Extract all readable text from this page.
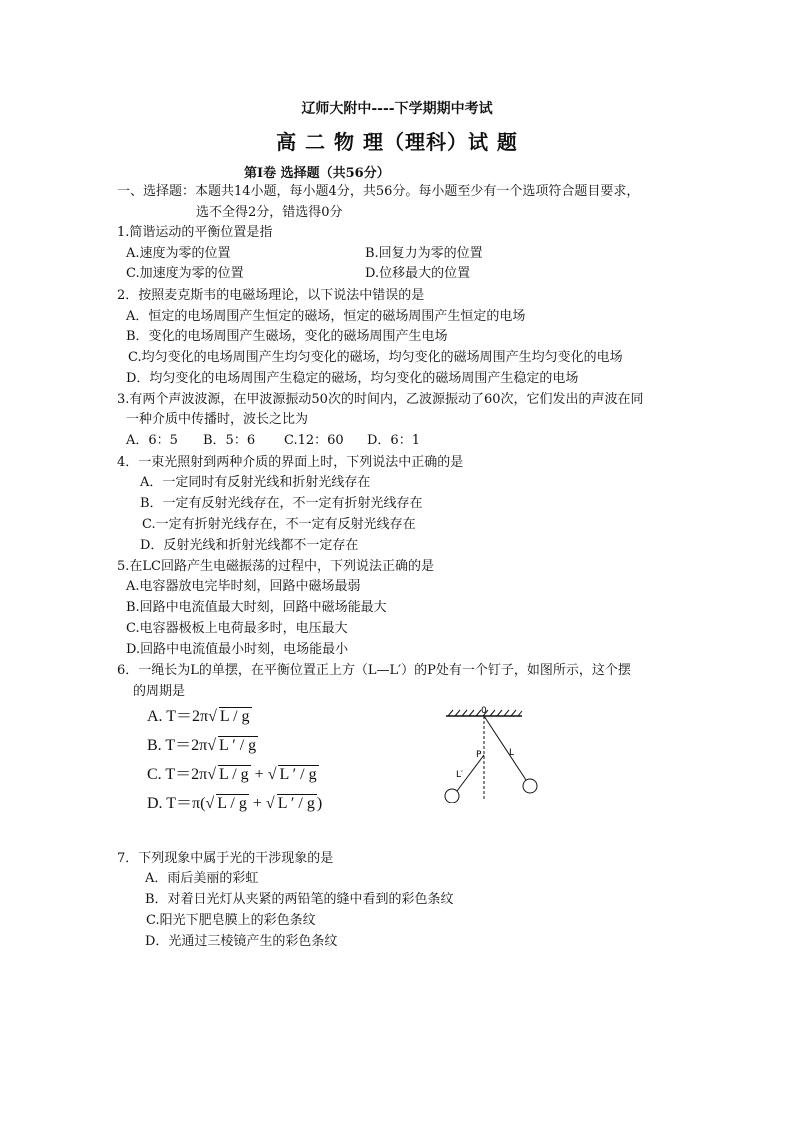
辽师大附中----下学期期中考试
高 二 物 理（理科）试 题
第Ⅰ卷 选择题（共56分）
一、选择题：本题共14小题，每小题4分，共56分。每小题至少有一个选项符合题目要求，
选不全得2分，错选得0分
1.简谐运动的平衡位置是指
A.速度为零的位置	B.回复力为零的位置
C.加速度为零的位置	D.位移最大的位置
2．按照麦克斯韦的电磁场理论，以下说法中错误的是
A．恒定的电场周围产生恒定的磁场，恒定的磁场周围产生恒定的电场
B．变化的电场周围产生磁场，变化的磁场周围产生电场
C.均匀变化的电场周围产生均匀变化的磁场，均匀变化的磁场周围产生均匀变化的电场
D．均匀变化的电场周围产生稳定的磁场，均匀变化的磁场周围产生稳定的电场
3.有两个声波波源，在甲波源振动50次的时间内，乙波源振动了60次，它们发出的声波在同
一种介质中传播时，波长之比为
A．6：5 B．5：6 C.12：60 D．6：1
4．一束光照射到两种介质的界面上时，下列说法中正确的是
A．一定同时有反射光线和折射光线存在
B．一定有反射光线存在，不一定有折射光线存在
C.一定有折射光线存在，不一定有反射光线存在
D．反射光线和折射光线都不一定存在
5.在LC回路产生电磁振荡的过程中，下列说法正确的是
A.电容器放电完毕时刻，回路中磁场最弱
B.回路中电流值最大时刻，回路中磁场能最大
C.电容器极板上电荷最多时，电压最大
D.回路中电流值最小时刻，电场能最小
6．一绳长为L的单摆，在平衡位置正上方（L—L′）的P处有一个钉子，如图所示，这个摆
的周期是
A. T＝2π√ L / g
B. T＝2π√ L ′ / g
C. T＝2π√ L / g + √ L ′ / g
D. T＝π(√ L / g + √ L ′ / g )
0
P	L
L′
7．下列现象中属于光的干涉现象的是
A．雨后美丽的彩虹
B．对着日光灯从夹紧的两铅笔的缝中看到的彩色条纹
C.阳光下肥皂膜上的彩色条纹
D．光通过三棱镜产生的彩色条纹
